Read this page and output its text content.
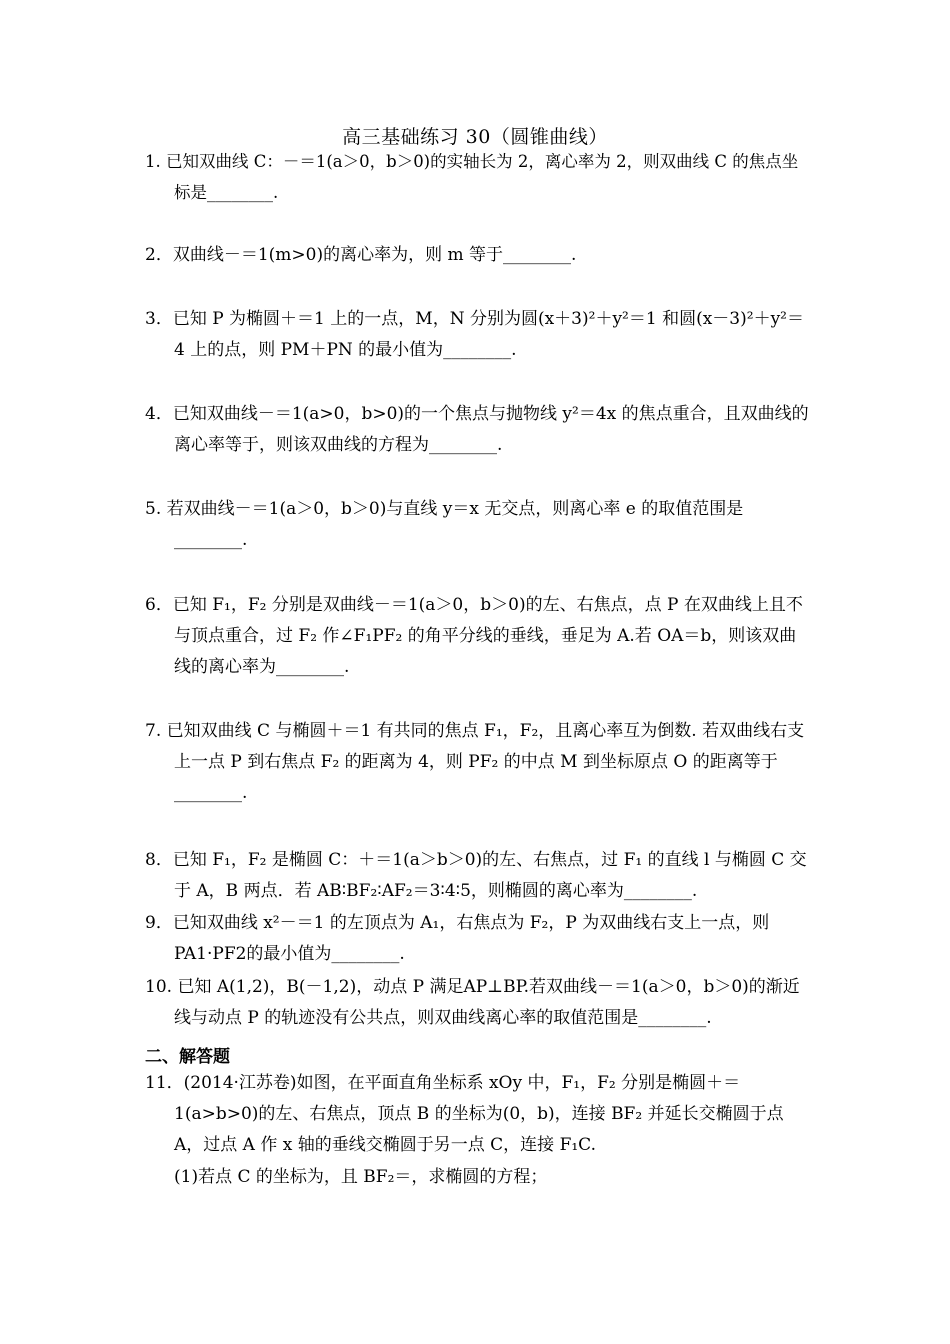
高三基础练习 30（圆锥曲线）
1. 已知双曲线 C：－＝1(a＞0，b＞0)的实轴长为 2，离心率为 2，则双曲线 C 的焦点坐标是________.
2．双曲线－＝1(m>0)的离心率为，则 m 等于________.
3．已知 P 为椭圆＋＝1 上的一点，M，N 分别为圆(x＋3)²＋y²＝1 和圆(x－3)²＋y²＝4 上的点，则 PM＋PN 的最小值为________.
4．已知双曲线－＝1(a>0，b>0)的一个焦点与抛物线 y²＝4x 的焦点重合，且双曲线的离心率等于，则该双曲线的方程为________.
5. 若双曲线－＝1(a＞0，b＞0)与直线 y＝x 无交点，则离心率 e 的取值范围是________.
6．已知 F₁，F₂ 分别是双曲线－＝1(a＞0，b＞0)的左、右焦点，点 P 在双曲线上且不与顶点重合，过 F₂ 作∠F₁PF₂ 的角平分线的垂线，垂足为 A.若 OA＝b，则该双曲线的离心率为________.
7. 已知双曲线 C 与椭圆＋＝1 有共同的焦点 F₁，F₂，且离心率互为倒数. 若双曲线右支上一点 P 到右焦点 F₂ 的距离为 4，则 PF₂ 的中点 M 到坐标原点 O 的距离等于________.
8．已知 F₁，F₂ 是椭圆 C：＋＝1(a＞b＞0)的左、右焦点，过 F₁ 的直线 l 与椭圆 C 交于 A，B 两点．若 AB∶BF₂∶AF₂＝3∶4∶5，则椭圆的离心率为________.
9．已知双曲线 x²－＝1 的左顶点为 A₁，右焦点为 F₂，P 为双曲线右支上一点，则 PA1·PF2的最小值为________.
10. 已知 A(1,2)，B(－1,2)，动点 P 满足AP⊥BP.若双曲线－＝1(a＞0，b＞0)的渐近线与动点 P 的轨迹没有公共点，则双曲线离心率的取值范围是________.
二、解答题
11．(2014·江苏卷)如图，在平面直角坐标系 xOy 中，F₁，F₂ 分别是椭圆＋＝1(a>b>0)的左、右焦点，顶点 B 的坐标为(0，b)，连接 BF₂ 并延长交椭圆于点 A，过点 A 作 x 轴的垂线交椭圆于另一点 C，连接 F₁C.
(1)若点 C 的坐标为，且 BF₂＝，求椭圆的方程；
